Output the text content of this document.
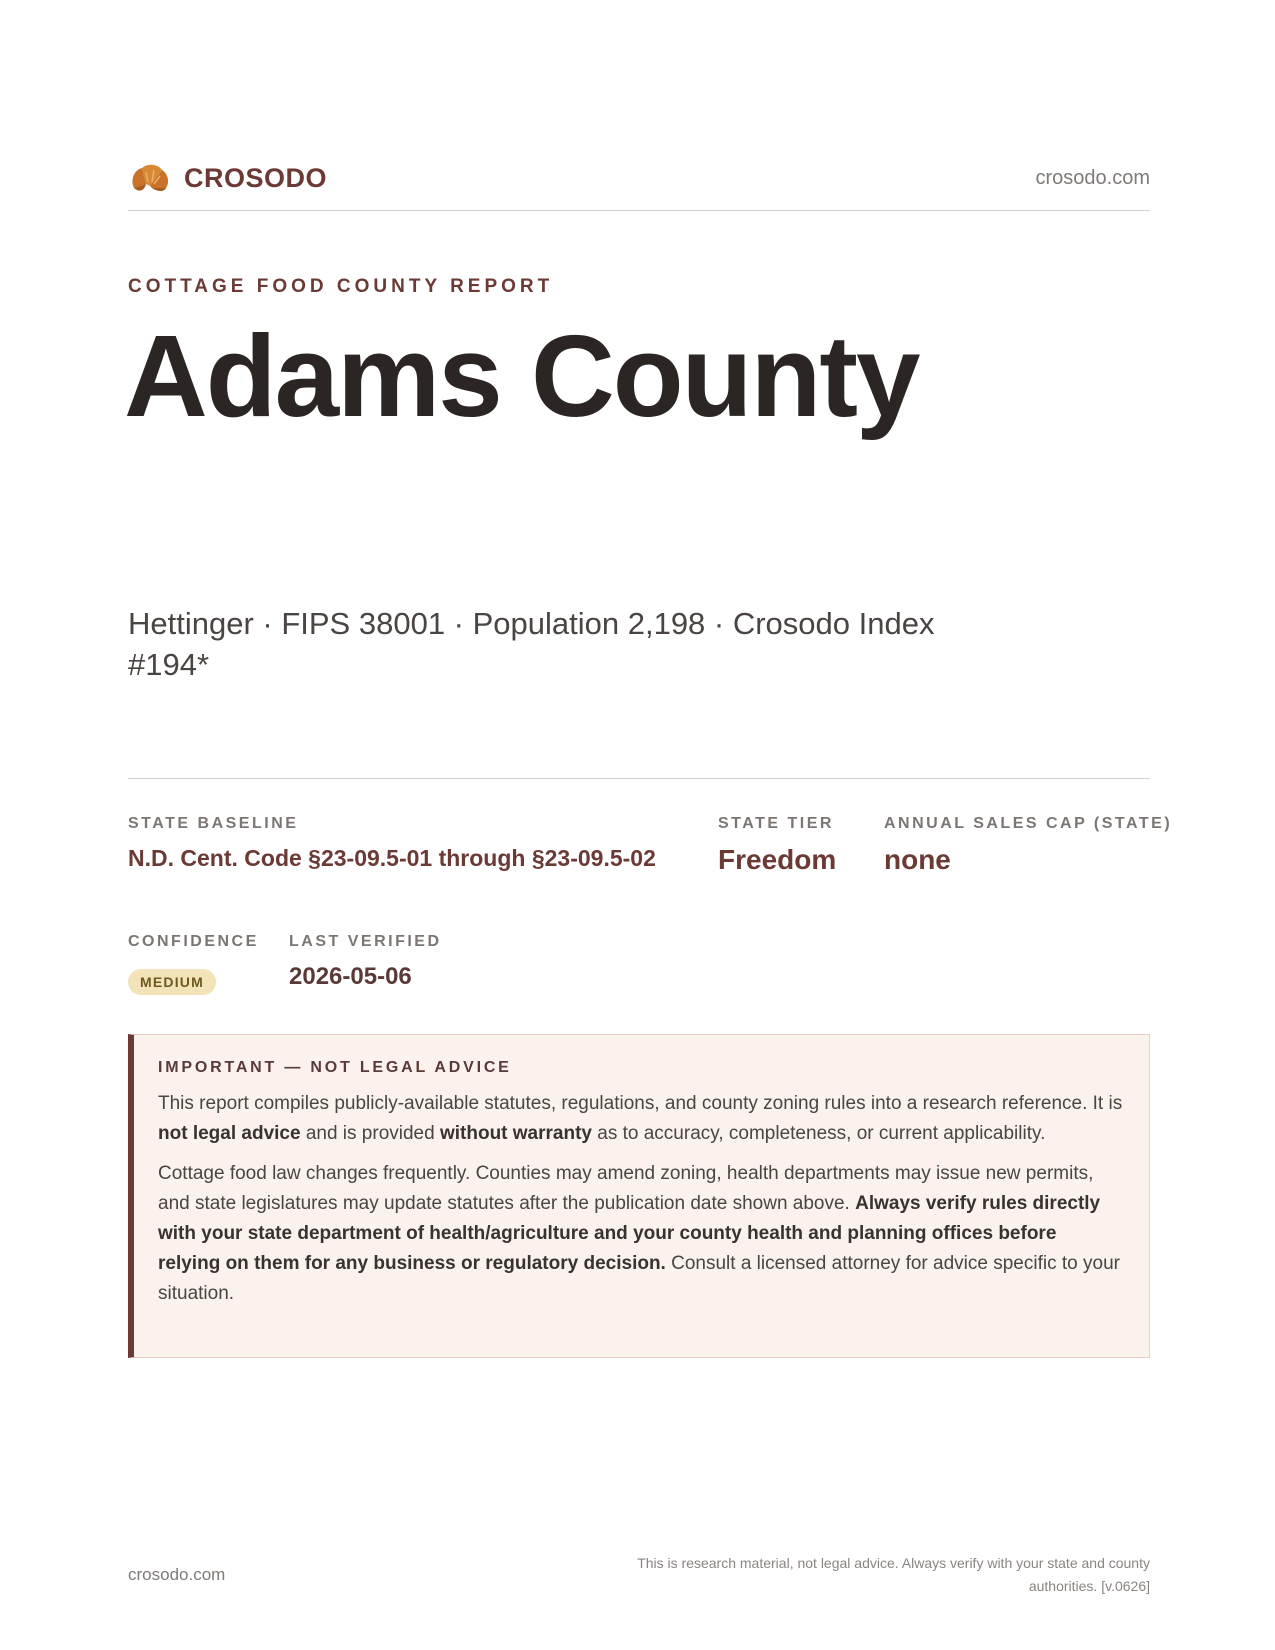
CROSODO	crosodo.com
COTTAGE FOOD COUNTY REPORT
Adams County
Hettinger · FIPS 38001 · Population 2,198 · Crosodo Index #194*
STATE BASELINE
N.D. Cent. Code §23-09.5-01 through §23-09.5-02
STATE TIER
Freedom
ANNUAL SALES CAP (STATE)
none
CONFIDENCE
MEDIUM
LAST VERIFIED
2026-05-06
IMPORTANT — NOT LEGAL ADVICE

This report compiles publicly-available statutes, regulations, and county zoning rules into a research reference. It is not legal advice and is provided without warranty as to accuracy, completeness, or current applicability.

Cottage food law changes frequently. Counties may amend zoning, health departments may issue new permits, and state legislatures may update statutes after the publication date shown above. Always verify rules directly with your state department of health/agriculture and your county health and planning offices before relying on them for any business or regulatory decision. Consult a licensed attorney for advice specific to your situation.

crosodo.com
This is research material, not legal advice. Always verify with your state and county authorities. [v.0626]
